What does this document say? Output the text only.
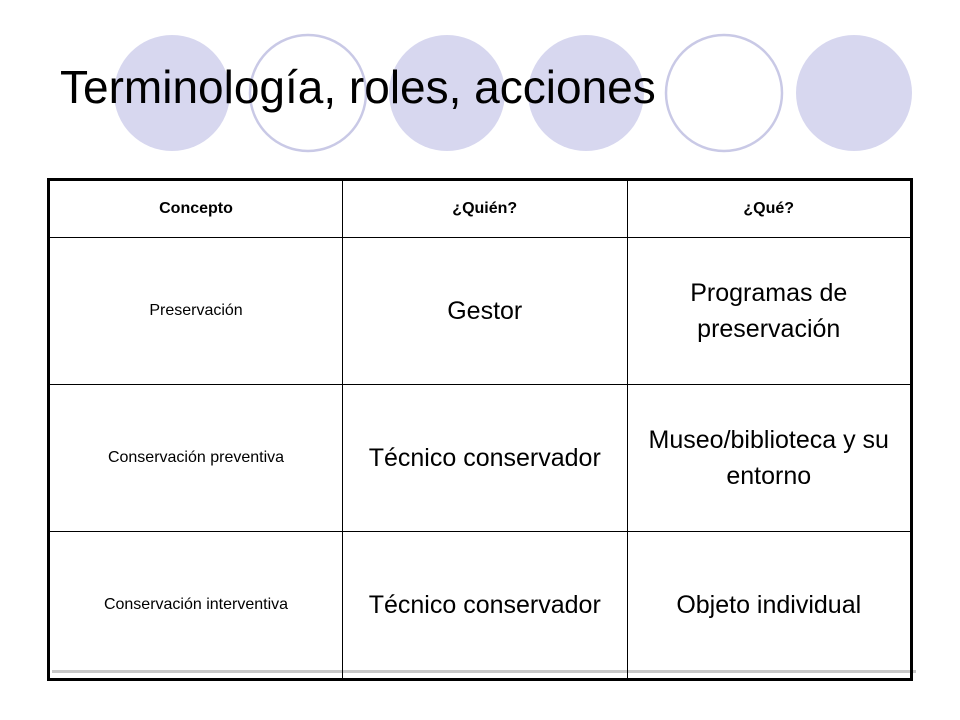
Terminología, roles, acciones
Concepto	¿Quién?	¿Qué?
Preservación	Gestor	Programas de preservación
Conservación preventiva	Técnico conservador	Museo/biblioteca y su entorno
Conservación interventiva	Técnico conservador	Objeto individual
